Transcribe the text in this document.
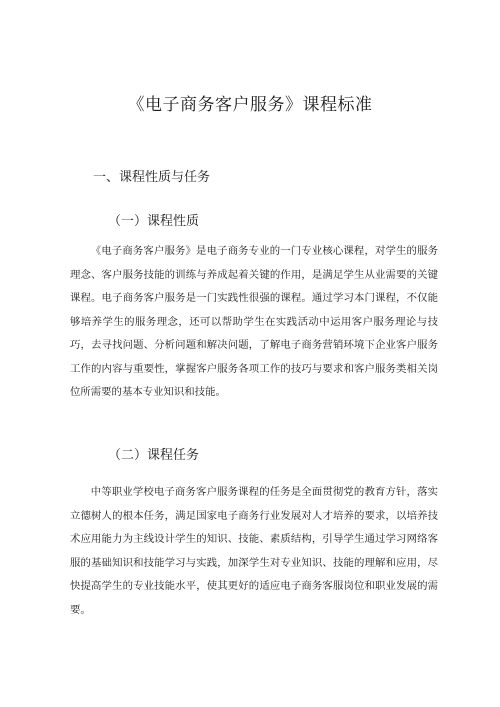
《电子商务客户服务》课程标准
一、课程性质与任务
（一）课程性质

《电子商务客户服务》是电子商务专业的一门专业核心课程，对学生的服务理念、客户服务技能的训练与养成起着关键的作用，是满足学生从业需要的关键课程。电子商务客户服务是一门实践性很强的课程。通过学习本门课程，不仅能够培养学生的服务理念，还可以帮助学生在实践活动中运用客户服务理论与技巧，去寻找问题、分析问题和解决问题，了解电子商务营销环境下企业客户服务工作的内容与重要性，掌握客户服务各项工作的技巧与要求和客户服务类相关岗位所需要的基本专业知识和技能。

（二）课程任务

中等职业学校电子商务客户服务课程的任务是全面贯彻党的教育方针，落实立德树人的根本任务，满足国家电子商务行业发展对人才培养的要求，以培养技术应用能力为主线设计学生的知识、技能、素质结构，引导学生通过学习网络客服的基础知识和技能学习与实践，加深学生对专业知识、技能的理解和应用，尽快提高学生的专业技能水平，使其更好的适应电子商务客服岗位和职业发展的需要。
